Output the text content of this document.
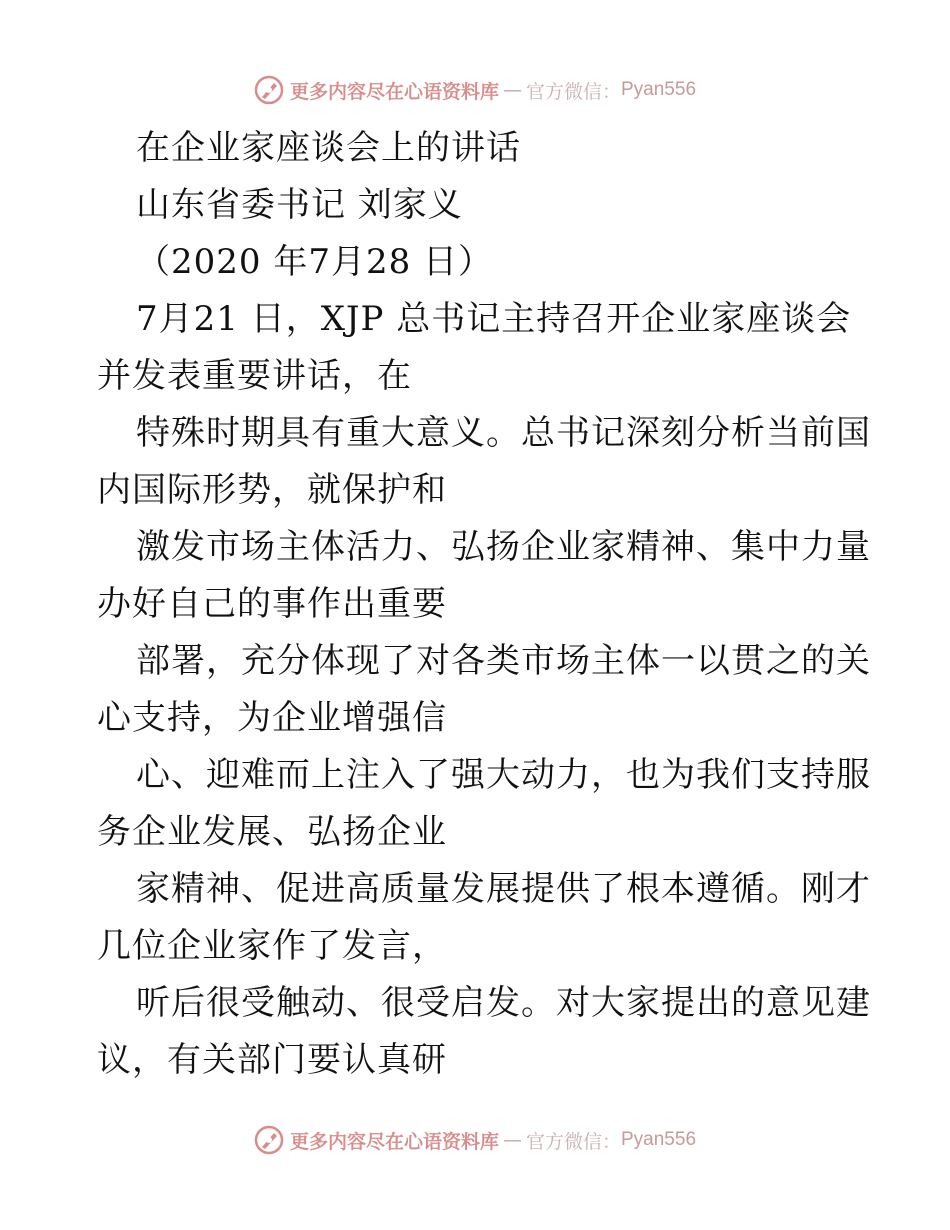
更多内容尽在心语资料库 — 官方微信： Pyan556
在企业家座谈会上的讲话
山东省委书记 刘家义
（2020 年7月28 日）
7月21 日，XJP 总书记主持召开企业家座谈会
并发表重要讲话，在
特殊时期具有重大意义。总书记深刻分析当前国
内国际形势，就保护和
激发市场主体活力、弘扬企业家精神、集中力量
办好自己的事作出重要
部署，充分体现了对各类市场主体一以贯之的关
心支持，为企业增强信
心、迎难而上注入了强大动力，也为我们支持服
务企业发展、弘扬企业
家精神、促进高质量发展提供了根本遵循。刚才
几位企业家作了发言，
听后很受触动、很受启发。对大家提出的意见建
议，有关部门要认真研
更多内容尽在心语资料库 — 官方微信： Pyan556
